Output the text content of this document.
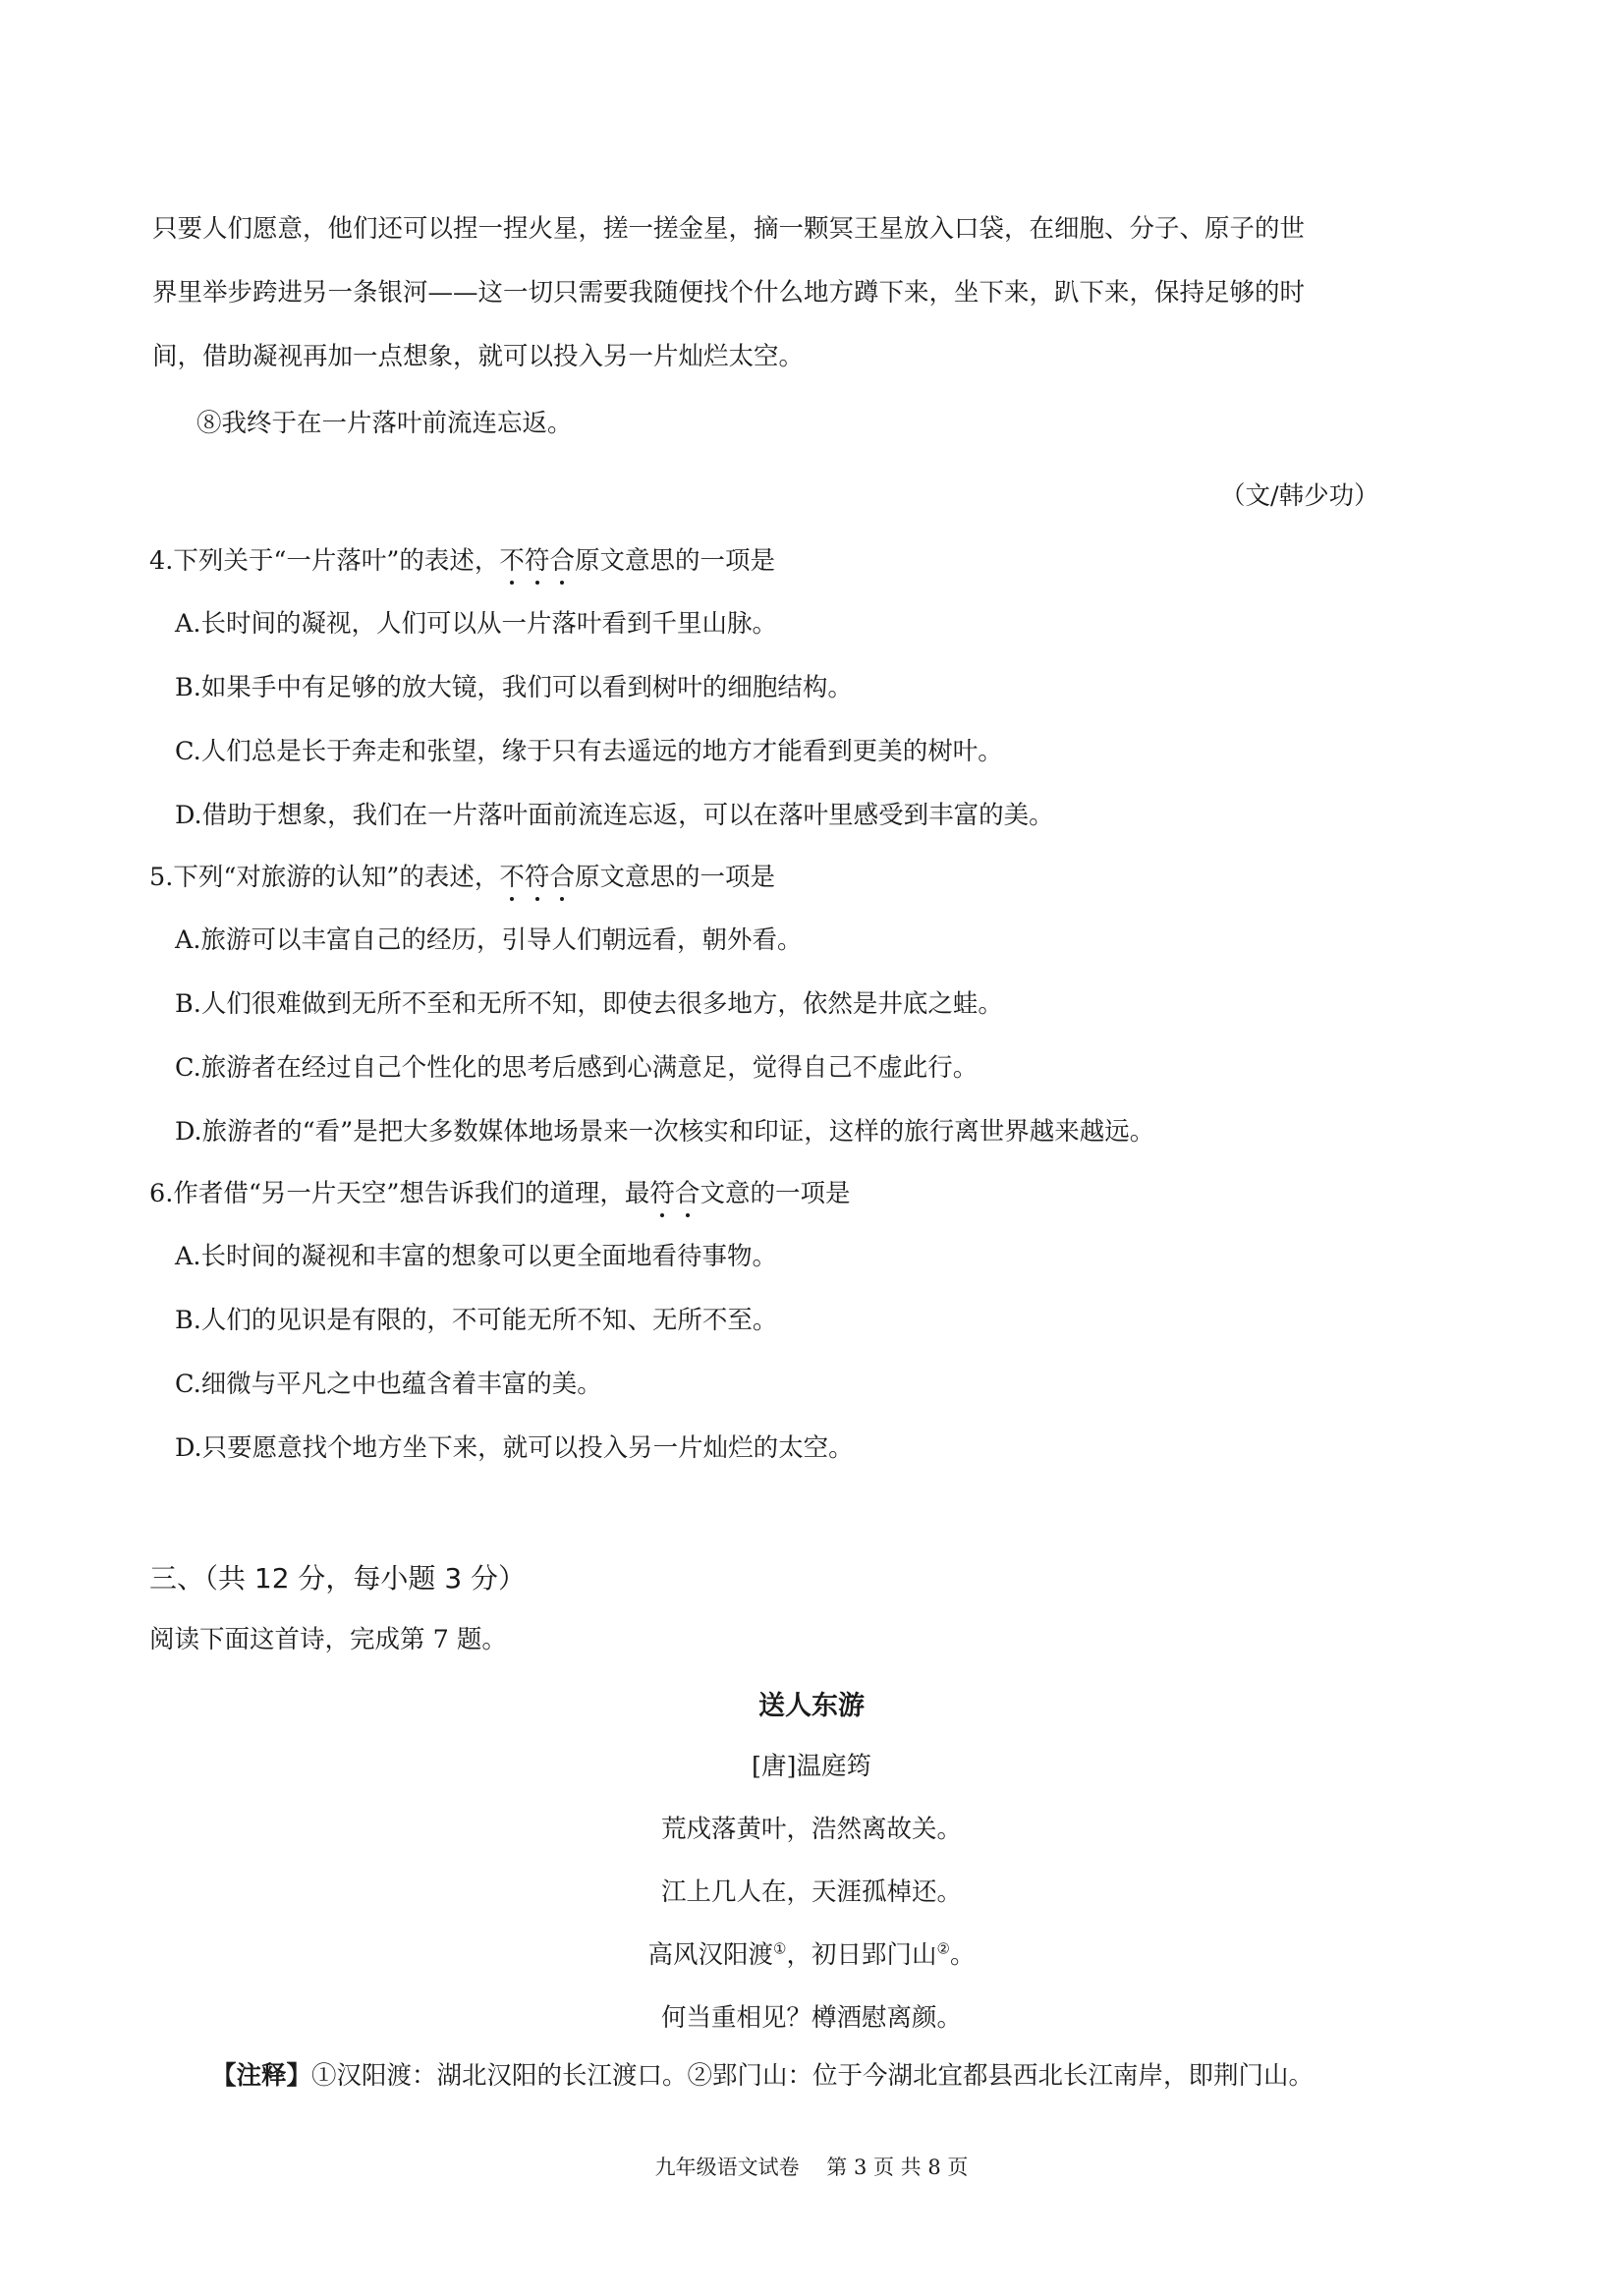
只要人们愿意，他们还可以捏一捏火星，搓一搓金星，摘一颗冥王星放入口袋，在细胞、分子、原子的世
界里举步跨进另一条银河——这一切只需要我随便找个什么地方蹲下来，坐下来，趴下来，保持足够的时
间，借助凝视再加一点想象，就可以投入另一片灿烂太空。
⑧我终于在一片落叶前流连忘返。
（文/韩少功）
4.下列关于“一片落叶”的表述，不符合原文意思的一项是
A.长时间的凝视，人们可以从一片落叶看到千里山脉。
B.如果手中有足够的放大镜，我们可以看到树叶的细胞结构。
C.人们总是长于奔走和张望，缘于只有去遥远的地方才能看到更美的树叶。
D.借助于想象，我们在一片落叶面前流连忘返，可以在落叶里感受到丰富的美。
5.下列“对旅游的认知”的表述，不符合原文意思的一项是
A.旅游可以丰富自己的经历，引导人们朝远看，朝外看。
B.人们很难做到无所不至和无所不知，即使去很多地方，依然是井底之蛙。
C.旅游者在经过自己个性化的思考后感到心满意足，觉得自己不虚此行。
D.旅游者的“看”是把大多数媒体地场景来一次核实和印证，这样的旅行离世界越来越远。
6.作者借“另一片天空”想告诉我们的道理，最符合文意的一项是
A.长时间的凝视和丰富的想象可以更全面地看待事物。
B.人们的见识是有限的，不可能无所不知、无所不至。
C.细微与平凡之中也蕴含着丰富的美。
D.只要愿意找个地方坐下来，就可以投入另一片灿烂的太空。
三、（共 12 分，每小题 3 分）
阅读下面这首诗，完成第 7 题。
送人东游
[唐]温庭筠
荒戍落黄叶，浩然离故关。
江上几人在，天涯孤棹还。
高风汉阳渡①，初日郢门山②。
何当重相见？樽酒慰离颜。
【注释】①汉阳渡：湖北汉阳的长江渡口。②郢门山：位于今湖北宜都县西北长江南岸，即荆门山。
九年级语文试卷　 第 3 页 共 8 页
